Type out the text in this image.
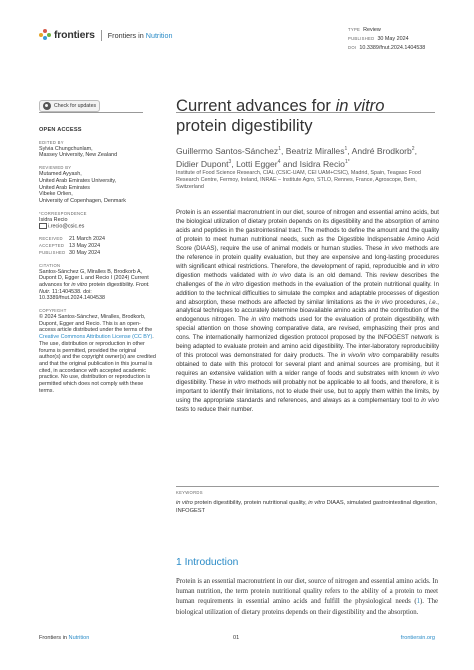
frontiers Frontiers in Nutrition
TYPE Review
PUBLISHED 30 May 2024
DOI 10.3389/fnut.2024.1404538
Check for updates
OPEN ACCESS
EDITED BY
Sylvia Chungchunlam,
Massey University, New Zealand
REVIEWED BY
Mutamed Ayyash,
United Arab Emirates University,
United Arab Emirates
Vibeke Orlien,
University of Copenhagen, Denmark
*CORRESPONDENCE
Isidra Recio
i.recio@csic.es
RECEIVED	21 March 2024
ACCEPTED 13 May 2024
PUBLISHED 30 May 2024
CITATION
Santos-Sánchez G, Miralles B, Brodkorb A, Dupont D, Egger L and Recio I (2024) Current advances for in vitro protein digestibility. Front. Nutr. 11:1404538. doi: 10.3389/fnut.2024.1404538
COPYRIGHT
© 2024 Santos-Sánchez, Miralles, Brodkorb, Dupont, Egger and Recio. This is an open-access article distributed under the terms of the Creative Commons Attribution License (CC BY). The use, distribution or reproduction in other forums is permitted, provided the original author(s) and the copyright owner(s) are credited and that the original publication in this journal is cited, in accordance with accepted academic practice. No use, distribution or reproduction is permitted which does not comply with these terms.
Current advances for in vitro
protein digestibility
Guillermo Santos-Sánchez$^1$, Beatriz Miralles$^1$, André Brodkorb$^2$, Didier Dupont$^3$, Lotti Egger$^4$ and Isidra Recio$^{1*}$
Institute of Food Science Research, CIAL (CSIC-UAM, CEI UAM+CSIC), Madrid, Spain, Teagasc Food Research Centre, Fermoy, Ireland, INRAE – Institute Agro, STLO, Rennes, France, Agroscope, Bern, Switzerland

Protein is an essential macronutrient in our diet, source of nitrogen and essential amino acids, but the biological utilization of dietary protein depends on its digestibility and the absorption of amino acids and peptides in the gastrointestinal tract. The methods to define the amount and the quality of protein to meet human nutritional needs, such as the Digestible Indispensable Amino Acid Score (DIAAS), require the use of animal models or human studies. These in vivo methods are the reference in protein quality evaluation, but they are expensive and long-lasting procedures with significant ethical restrictions. Therefore, the development of rapid, reproducible and in vitro digestion methods validated with in vivo data is an old demand. This review describes the challenges of the in vitro digestion methods in the evaluation of the protein nutritional quality. In addition to the technical difficulties to simulate the complex and adaptable processes of digestion and absorption, these methods are affected by similar limitations as the in vivo procedures, i.e., analytical techniques to accurately determine bioavailable amino acids and the contribution of the endogenous nitrogen. The in vitro methods used for the evaluation of protein digestibility, with special attention on those showing comparative data, are revised, emphasizing their pros and cons. The internationally harmonized digestion protocol proposed by the INFOGEST network is being adapted to evaluate protein and amino acid digestibility. The inter-laboratory reproducibility of this protocol was demonstrated for dairy products. The in vivo/in vitro comparability results obtained to date with this protocol for several plant and animal sources are promising, but it requires an extensive validation with a wider range of foods and substrates with known in vivo digestibility. These in vitro methods will probably not be applicable to all foods, and therefore, it is important to identify their limitations, not to elude their use, but to apply them within the limits, by using the appropriate standards and references, and always as a complementary tool to in vivo tests to reduce their number.

KEYWORDS
in vitro protein digestibility, protein nutritional quality, in vitro DIAAS, simulated gastrointestinal digestion, INFOGEST
1 Introduction
Protein is an essential macronutrient in our diet, source of nitrogen and essential amino acids. In human nutrition, the term protein nutritional quality refers to the ability of a protein to meet human requirements in essential amino acids and fulfill the physiological needs (1). The biological utilization of dietary proteins depends on their digestibility and the absorption.
Frontiers in Nutrition	01	frontiersin.org
